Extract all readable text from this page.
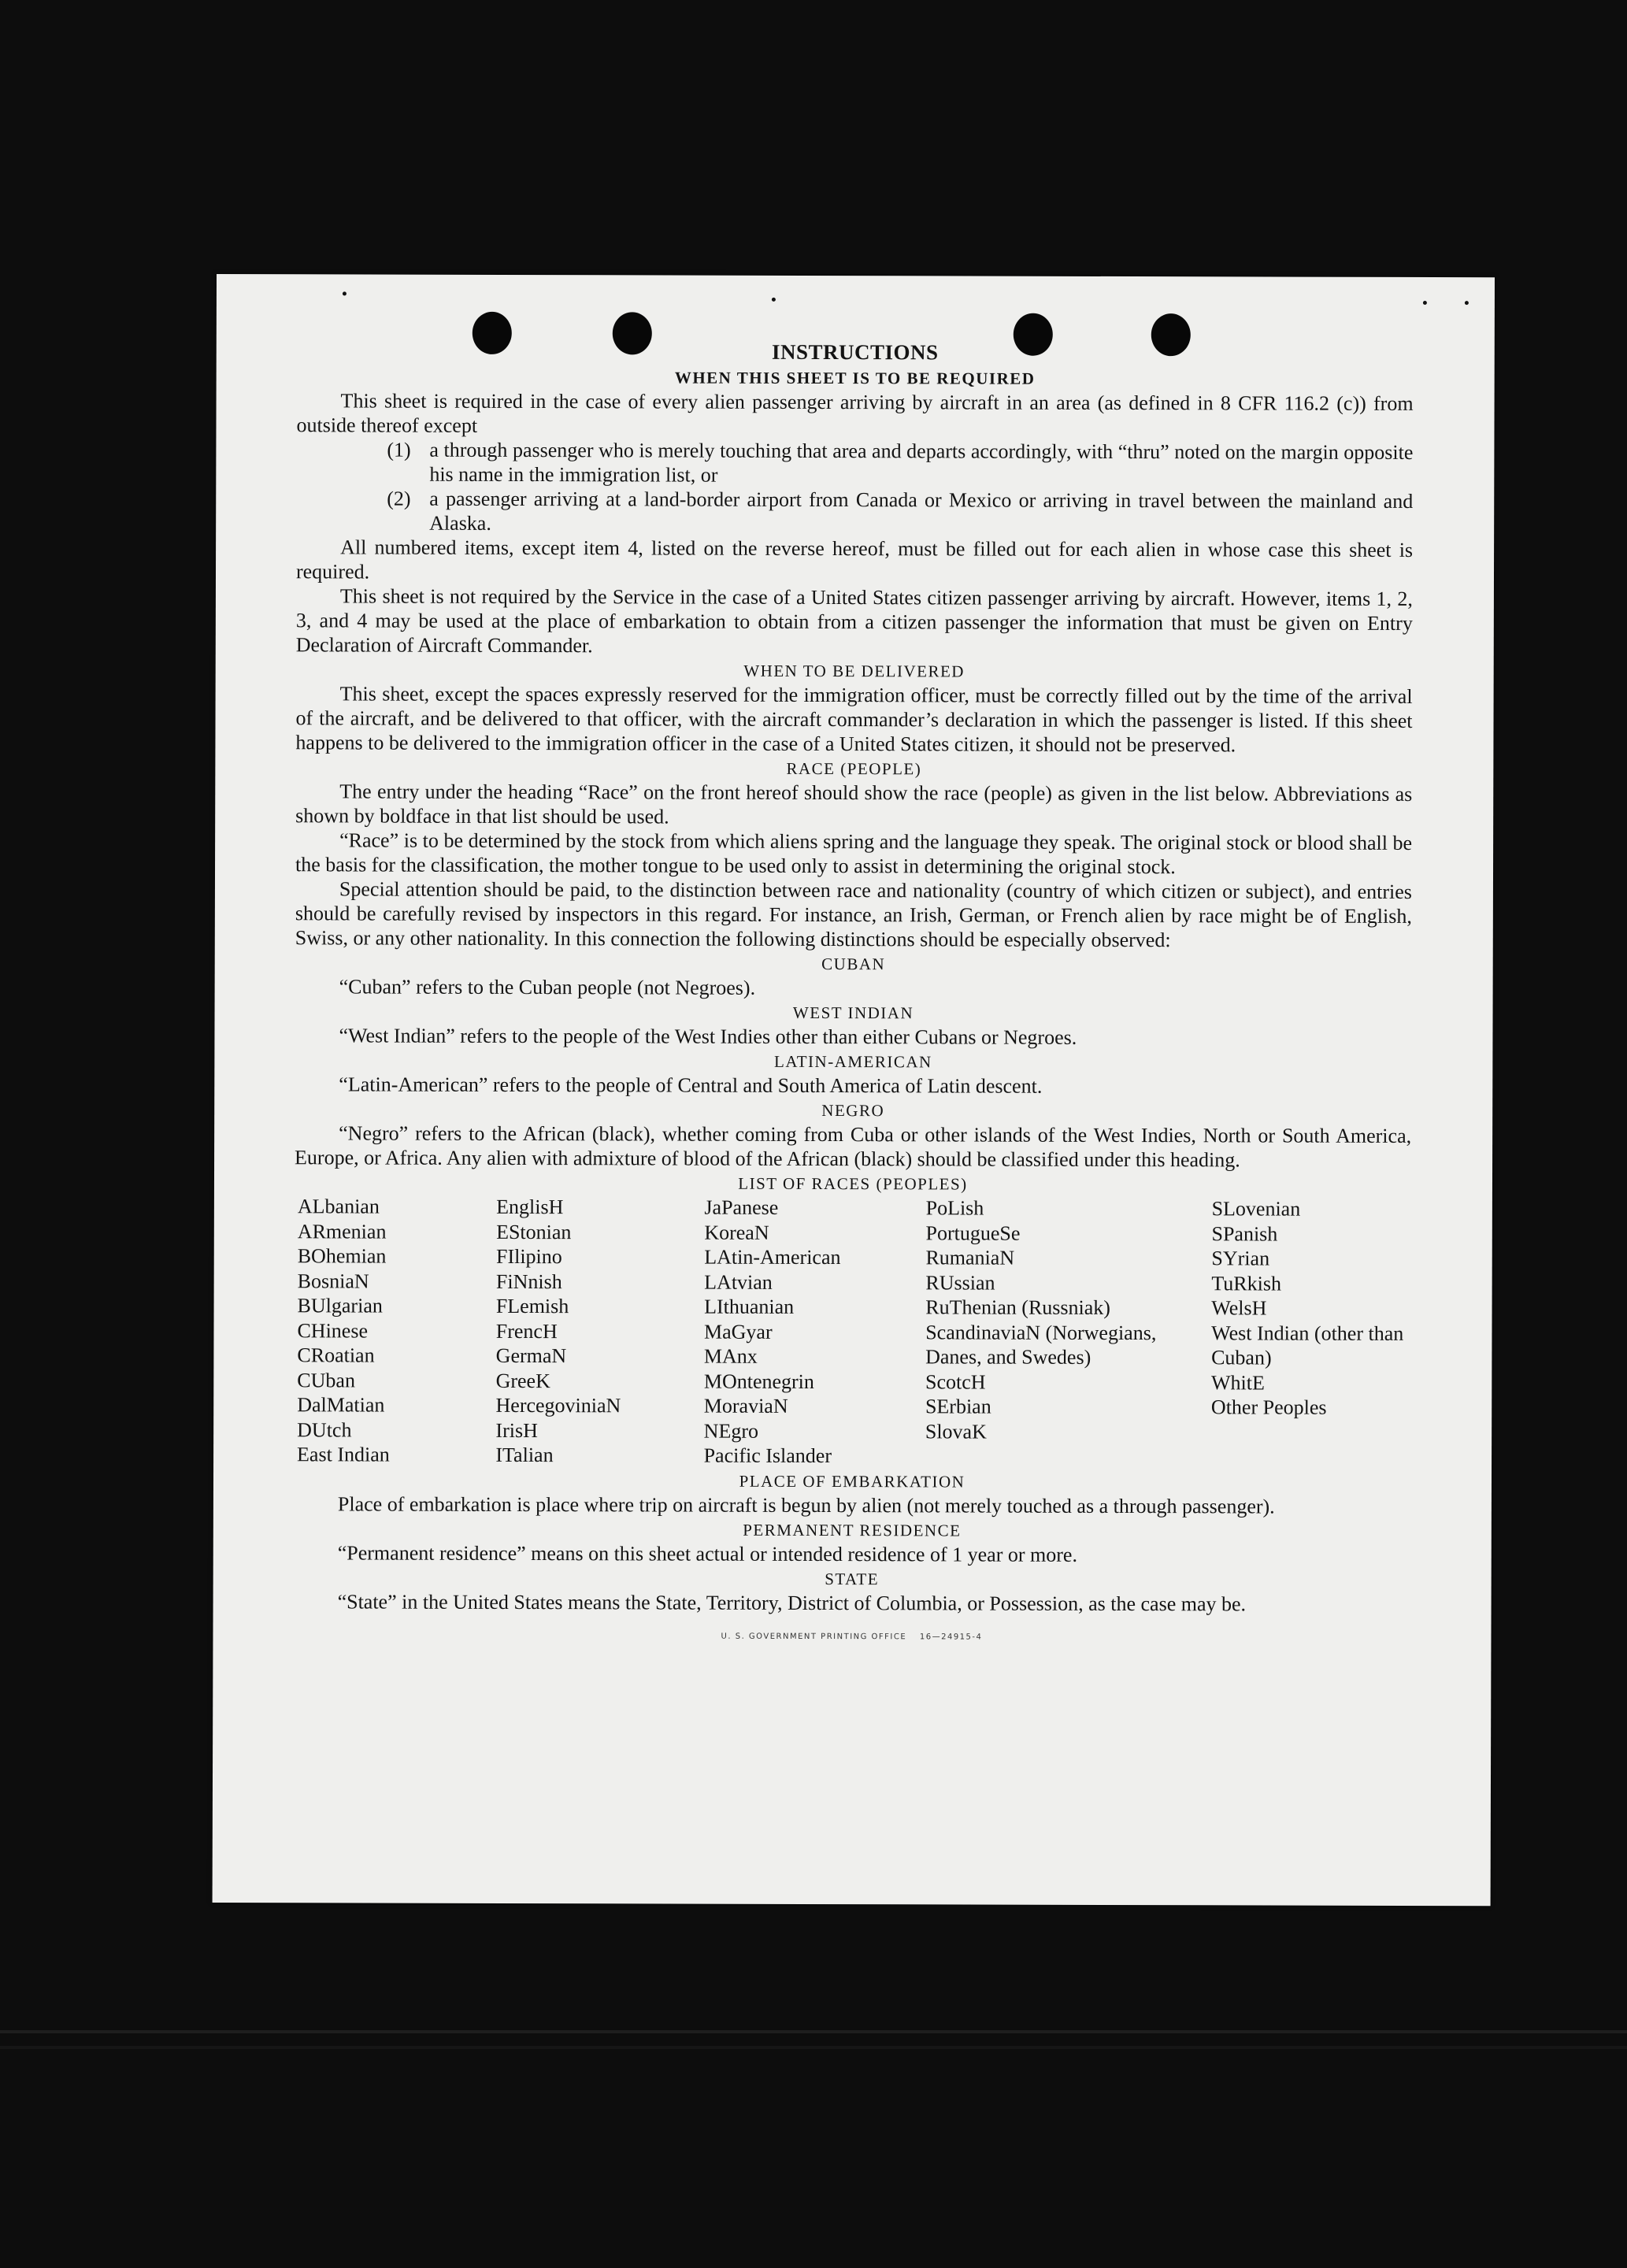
INSTRUCTIONS
WHEN THIS SHEET IS TO BE REQUIRED

This sheet is required in the case of every alien passenger arriving by aircraft in an area (as defined in 8 CFR 116.2 (c)) from outside thereof except

(1) a through passenger who is merely touching that area and departs accordingly, with “thru” noted on the margin opposite his name in the immigration list, or
(2) a passenger arriving at a land-border airport from Canada or Mexico or arriving in travel between the mainland and Alaska.

All numbered items, except item 4, listed on the reverse hereof, must be filled out for each alien in whose case this sheet is required.

This sheet is not required by the Service in the case of a United States citizen passenger arriving by aircraft. However, items 1, 2, 3, and 4 may be used at the place of embarkation to obtain from a citizen passenger the information that must be given on Entry Declaration of Aircraft Commander.

WHEN TO BE DELIVERED

This sheet, except the spaces expressly reserved for the immigration officer, must be correctly filled out by the time of the arrival of the aircraft, and be delivered to that officer, with the aircraft commander’s declaration in which the passenger is listed. If this sheet happens to be delivered to the immigration officer in the case of a United States citizen, it should not be preserved.

RACE (PEOPLE)

The entry under the heading “Race” on the front hereof should show the race (people) as given in the list below. Abbreviations as shown by boldface in that list should be used.

“Race” is to be determined by the stock from which aliens spring and the language they speak. The original stock or blood shall be the basis for the classification, the mother tongue to be used only to assist in determining the original stock.

Special attention should be paid, to the distinction between race and nationality (country of which citizen or subject), and entries should be carefully revised by inspectors in this regard. For instance, an Irish, German, or French alien by race might be of English, Swiss, or any other nationality. In this connection the following distinctions should be especially observed:

CUBAN

“Cuban” refers to the Cuban people (not Negroes).

WEST INDIAN

“West Indian” refers to the people of the West Indies other than either Cubans or Negroes.

LATIN-AMERICAN

“Latin-American” refers to the people of Central and South America of Latin descent.

NEGRO

“Negro” refers to the African (black), whether coming from Cuba or other islands of the West Indies, North or South America, Europe, or Africa. Any alien with admixture of blood of the African (black) should be classified under this heading.

LIST OF RACES (PEOPLES)
ALbanian
ARmenian
BOhemian
BosniaN
BUlgarian
CHinese
CRoatian
CUban
DalMatian
DUtch
East Indian
EnglisH
EStonian
FIlipino
FiNnish
FLemish
FrencH
GermaN
GreeK
HercegoviniaN
IrisH
ITalian
JaPanese
KoreaN
LAtin-American
LAtvian
LIthuanian
MaGyar
MAnx
MOntenegrin
MoraviaN
NEgro
Pacific Islander
PoLish
PortugueSe
RumaniaN
RUssian
RuThenian (Russniak)
ScandinaviaN (Norwegians, Danes, and Swedes)
ScotcH
SErbian
SlovaK
SLovenian
SPanish
SYrian
TuRkish
WelsH
West Indian (other than Cuban)
WhitE
Other Peoples
PLACE OF EMBARKATION

Place of embarkation is place where trip on aircraft is begun by alien (not merely touched as a through passenger).

PERMANENT RESIDENCE

“Permanent residence” means on this sheet actual or intended residence of 1 year or more.

STATE

“State” in the United States means the State, Territory, District of Columbia, or Possession, as the case may be.

U. S. GOVERNMENT PRINTING OFFICE 16—24915-4
